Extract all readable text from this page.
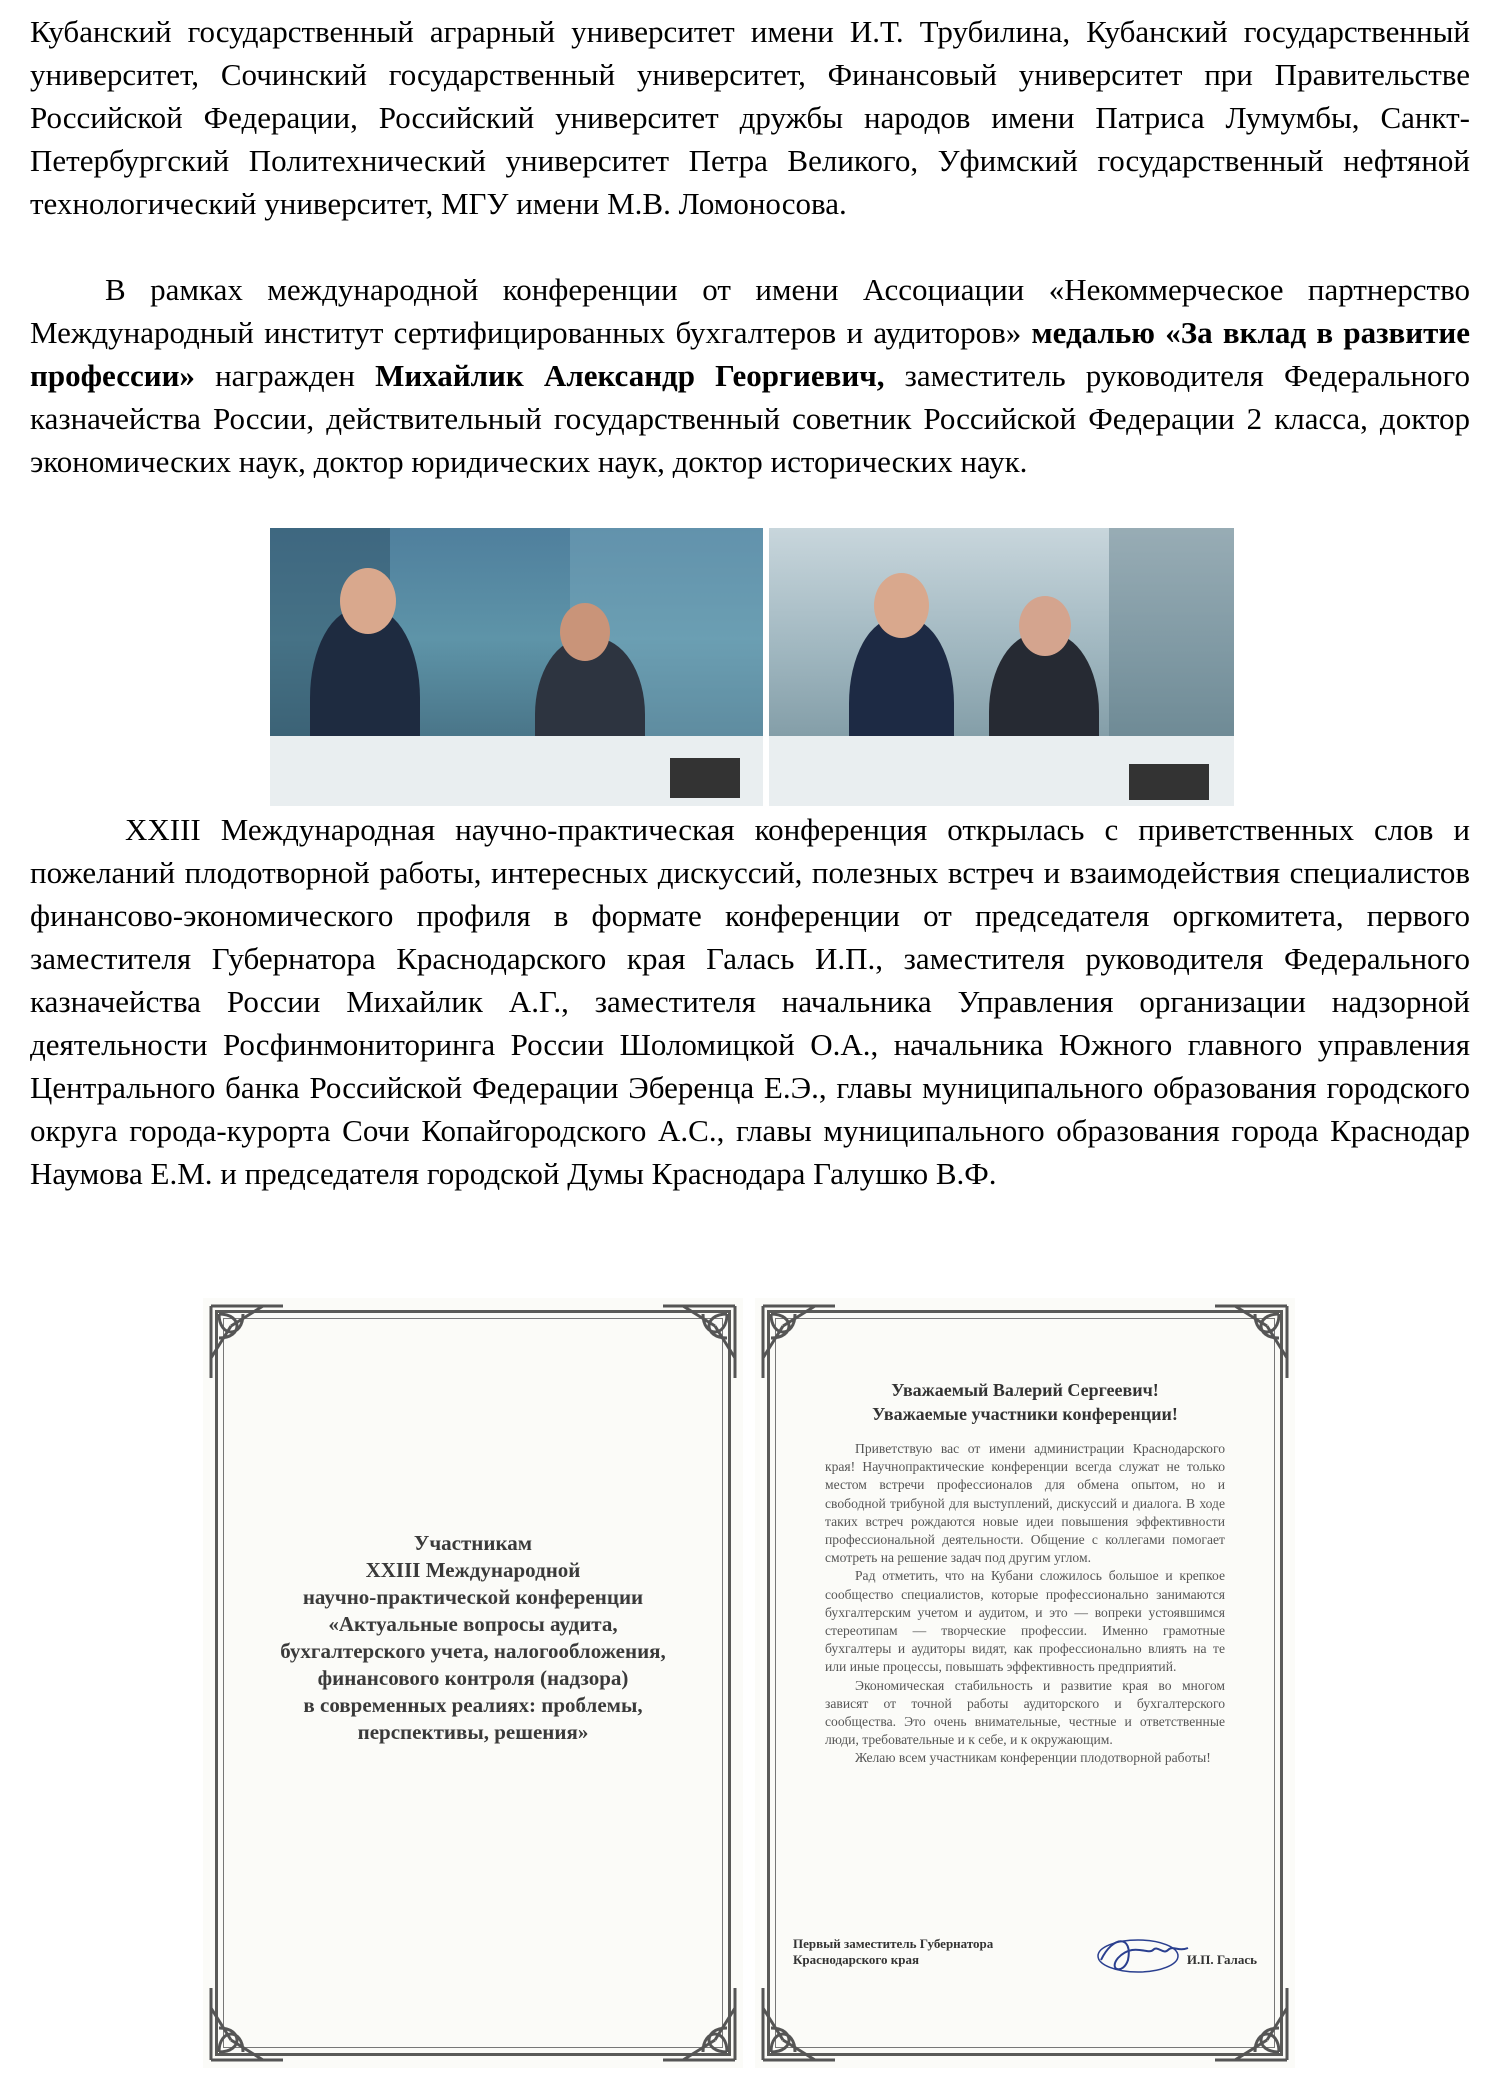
Кубанский государственный аграрный университет имени И.Т. Трубилина, Кубанский государственный университет, Сочинский государственный университет, Финансовый университет при Правительстве Российской Федерации, Российский университет дружбы народов имени Патриса Лумумбы, Санкт-Петербургский Политехнический университет Петра Великого, Уфимский государственный нефтяной технологический университет, МГУ имени М.В. Ломоносова.

В рамках международной конференции от имени Ассоциации «Некоммерческое партнерство Международный институт сертифицированных бухгалтеров и аудиторов» медалью «За вклад в развитие профессии» награжден Михайлик Александр Георгиевич, заместитель руководителя Федерального казначейства России, действительный государственный советник Российской Федерации 2 класса, доктор экономических наук, доктор юридических наук, доктор исторических наук.

XXIII Международная научно-практическая конференция открылась с приветственных слов и пожеланий плодотворной работы, интересных дискуссий, полезных встреч и взаимодействия специалистов финансово-экономического профиля в формате конференции от председателя оргкомитета, первого заместителя Губернатора Краснодарского края Галась И.П., заместителя руководителя Федерального казначейства России Михайлик А.Г., заместителя начальника Управления организации надзорной деятельности Росфинмониторинга России Шоломицкой О.А., начальника Южного главного управления Центрального банка Российской Федерации Эберенца Е.Э., главы муниципального образования городского округа города-курорта Сочи Копайгородского А.С., главы муниципального образования города Краснодар Наумова Е.М. и председателя городской Думы Краснодара Галушко В.Ф.

Участникам
XXIII Международной
научно-практической конференции
«Актуальные вопросы аудита,
бухгалтерского учета, налогообложения,
финансового контроля (надзора)
в современных реалиях: проблемы,
перспективы, решения»
Уважаемый Валерий Сергеевич!
Уважаемые участники конференции!

Приветствую вас от имени администрации Краснодарского края! Научнопрактические конференции всегда служат не только местом встречи профессионалов для обмена опытом, но и свободной трибуной для выступлений, дискуссий и диалога. В ходе таких встреч рождаются новые идеи повышения эффективности профессиональной деятельности. Общение с коллегами помогает смотреть на решение задач под другим углом.

Рад отметить, что на Кубани сложилось большое и крепкое сообщество специалистов, которые профессионально занимаются бухгалтерским учетом и аудитом, и это — вопреки устоявшимся стереотипам — творческие профессии. Именно грамотные бухгалтеры и аудиторы видят, как профессионально влиять на те или иные процессы, повышать эффективность предприятий.

Экономическая стабильность и развитие края во многом зависят от точной работы аудиторского и бухгалтерского сообщества. Это очень внимательные, честные и ответственные люди, требовательные и к себе, и к окружающим.

Желаю всем участникам конференции плодотворной работы!

Первый заместитель Губернатора Краснодарского края	И.П. Галась
